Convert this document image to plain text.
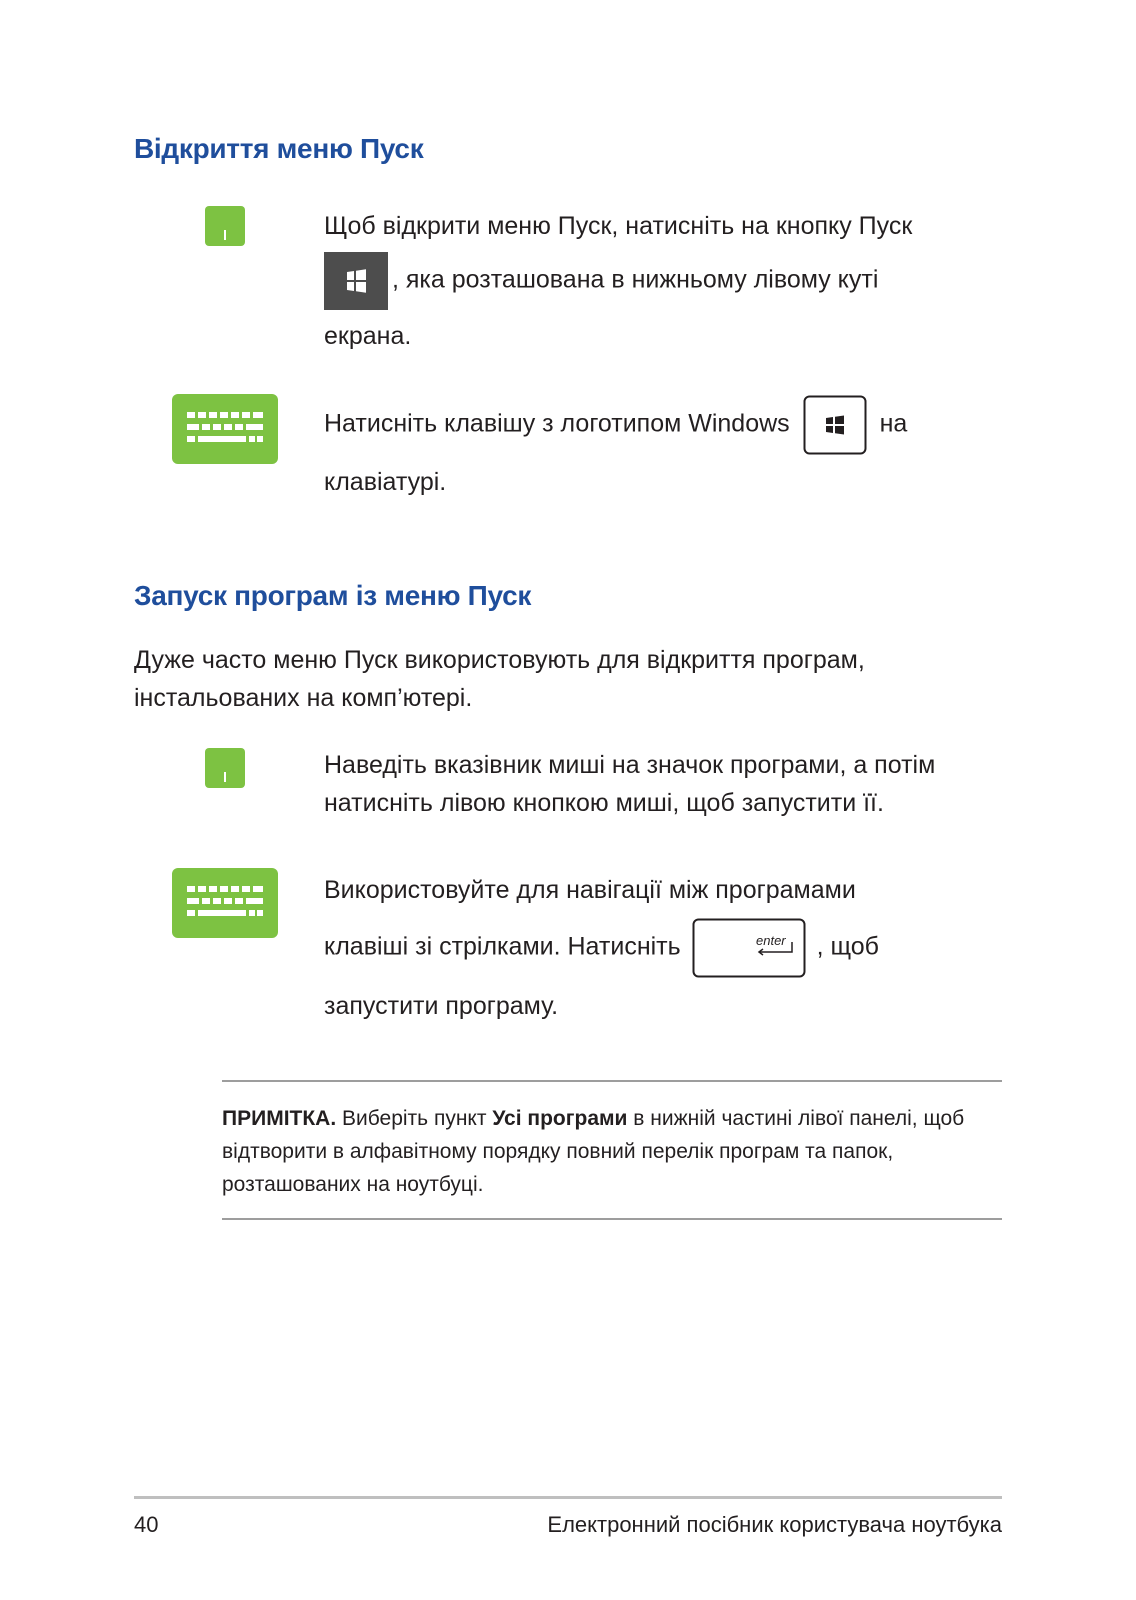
Відкриття меню Пуск
Щоб відкрити меню Пуск, натисніть на кнопку Пуск

, яка розташована в нижньому лівому куті
екрана.
Натисніть клавішу з логотипом Windows	на
клавіатурі.
Запуск програм із меню Пуск

Дуже часто меню Пуск використовують для відкриття програм, інстальованих на комп’ютері.

Наведіть вказівник миші на значок програми, а потім натисніть лівою кнопкою миші, щоб запустити її.

Використовуйте для навігації між програмами
клавіші зі стрілками. Натисніть	enter , щоб
запустити програму.

ПРИМІТКА. Виберіть пункт Усі програми в нижній частині лівої панелі, щоб відтворити в алфавітному порядку повний перелік програм та папок, розташованих на ноутбуці.

40	Електронний посібник користувача ноутбука
